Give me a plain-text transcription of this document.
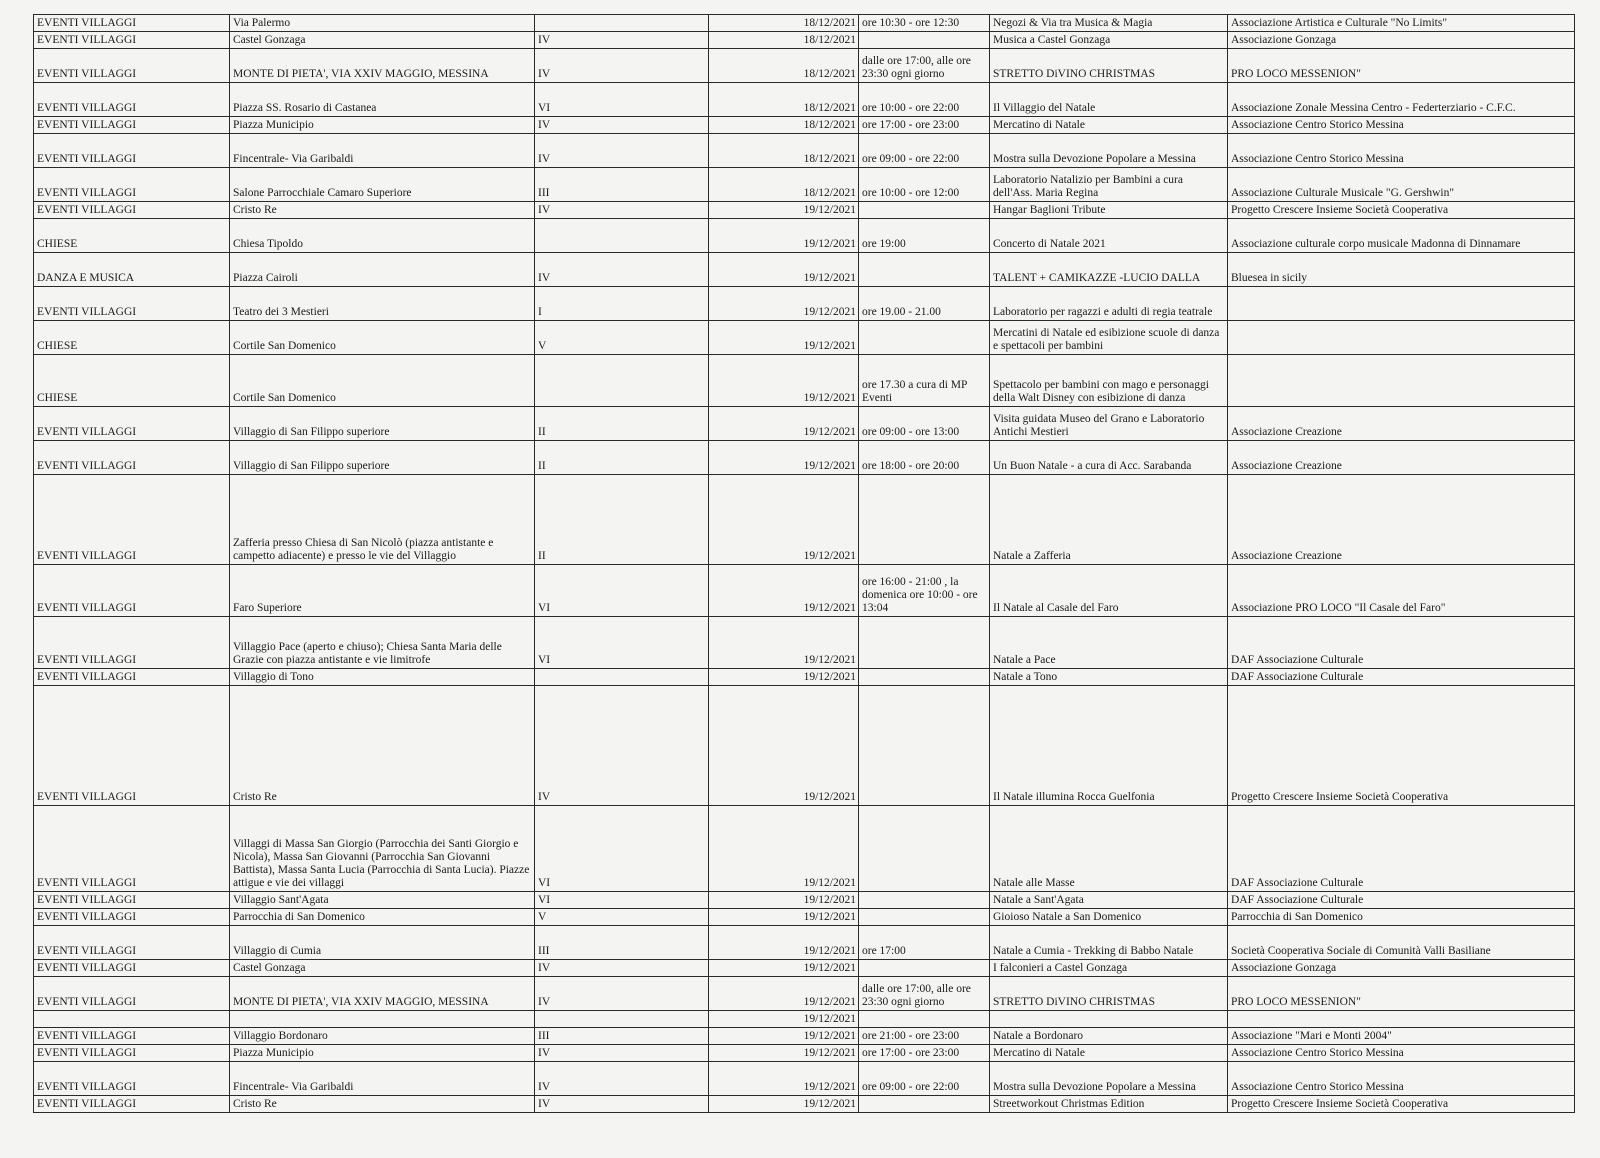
EVENTI VILLAGGI	Via Palermo		18/12/2021	ore 10:30 - ore 12:30	Negozi & Via tra Musica & Magia	Associazione Artistica e Culturale "No Limits"
EVENTI VILLAGGI	Castel Gonzaga	IV	18/12/2021		Musica a Castel Gonzaga	Associazione Gonzaga
EVENTI VILLAGGI	MONTE DI PIETA', VIA XXIV MAGGIO, MESSINA	IV	18/12/2021	dalle ore 17:00, alle ore 23:30 ogni giorno	STRETTO DiVINO CHRISTMAS	PRO LOCO MESSENION"
EVENTI VILLAGGI	Piazza SS. Rosario di Castanea	VI	18/12/2021	ore 10:00 - ore 22:00	Il Villaggio del Natale	Associazione Zonale Messina Centro - Federterziario - C.F.C.
EVENTI VILLAGGI	Piazza Municipio	IV	18/12/2021	ore 17:00 - ore 23:00	Mercatino di Natale	Associazione Centro Storico Messina
EVENTI VILLAGGI	Fincentrale- Via Garibaldi	IV	18/12/2021	ore 09:00 - ore 22:00	Mostra sulla Devozione Popolare a Messina	Associazione Centro Storico Messina
EVENTI VILLAGGI	Salone Parrocchiale Camaro Superiore	III	18/12/2021	ore 10:00 - ore 12:00	Laboratorio Natalizio per Bambini a cura dell'Ass. Maria Regina	Associazione Culturale Musicale "G. Gershwin"
EVENTI VILLAGGI	Cristo Re	IV	19/12/2021		Hangar Baglioni Tribute	Progetto Crescere Insieme Società Cooperativa
CHIESE	Chiesa Tipoldo		19/12/2021	ore 19:00	Concerto di Natale 2021	Associazione culturale corpo musicale Madonna di Dinnamare
DANZA E MUSICA	Piazza Cairoli	IV	19/12/2021		TALENT + CAMIKAZZE -LUCIO DALLA	Bluesea in sicily
EVENTI VILLAGGI	Teatro dei 3 Mestieri	I	19/12/2021	ore 19.00 - 21.00	Laboratorio per ragazzi e adulti di regia teatrale	
CHIESE	Cortile San Domenico	V	19/12/2021		Mercatini di Natale ed esibizione scuole di danza e spettacoli per bambini	
CHIESE	Cortile San Domenico		19/12/2021	ore 17.30 a cura di MP Eventi	Spettacolo per bambini con mago e personaggi della Walt Disney con esibizione di danza	
EVENTI VILLAGGI	Villaggio di San Filippo superiore	II	19/12/2021	ore 09:00 - ore 13:00	Visita guidata Museo del Grano e Laboratorio Antichi Mestieri	Associazione Creazione
EVENTI VILLAGGI	Villaggio di San Filippo superiore	II	19/12/2021	ore 18:00 - ore 20:00	Un Buon Natale - a cura di Acc. Sarabanda	Associazione Creazione
EVENTI VILLAGGI	Zafferia presso Chiesa di San Nicolò (piazza antistante e campetto adiacente) e presso le vie del Villaggio	II	19/12/2021		Natale a Zafferia	Associazione Creazione
EVENTI VILLAGGI	Faro Superiore	VI	19/12/2021	ore 16:00 - 21:00 , la domenica ore 10:00 - ore 13:04	Il Natale al Casale del Faro	Associazione PRO LOCO "Il Casale del Faro"
EVENTI VILLAGGI	Villaggio Pace (aperto e chiuso); Chiesa Santa Maria delle Grazie con piazza antistante e vie limitrofe	VI	19/12/2021		Natale a Pace	DAF Associazione Culturale
EVENTI VILLAGGI	Villaggio di Tono		19/12/2021		Natale a Tono	DAF Associazione Culturale
EVENTI VILLAGGI	Cristo Re	IV	19/12/2021		Il Natale illumina Rocca Guelfonia	Progetto Crescere Insieme Società Cooperativa
EVENTI VILLAGGI	Villaggi di Massa San Giorgio (Parrocchia dei Santi Giorgio e Nicola), Massa San Giovanni (Parrocchia San Giovanni Battista), Massa Santa Lucia (Parrocchia di Santa Lucia). Piazze attigue e vie dei villaggi	VI	19/12/2021		Natale alle Masse	DAF Associazione Culturale
EVENTI VILLAGGI	Villaggio Sant'Agata	VI	19/12/2021		Natale a Sant'Agata	DAF Associazione Culturale
EVENTI VILLAGGI	Parrocchia di San Domenico	V	19/12/2021		Gioioso Natale a San Domenico	Parrocchia di San Domenico
EVENTI VILLAGGI	Villaggio di Cumia	III	19/12/2021	ore 17:00	Natale a Cumia - Trekking di Babbo Natale	Società Cooperativa Sociale di Comunità Valli Basiliane
EVENTI VILLAGGI	Castel Gonzaga	IV	19/12/2021		I falconieri a Castel Gonzaga	Associazione Gonzaga
EVENTI VILLAGGI	MONTE DI PIETA', VIA XXIV MAGGIO, MESSINA	IV	19/12/2021	dalle ore 17:00, alle ore 23:30 ogni giorno	STRETTO DiVINO CHRISTMAS	PRO LOCO MESSENION"
			19/12/2021			
EVENTI VILLAGGI	Villaggio Bordonaro	III	19/12/2021	ore 21:00 - ore 23:00	Natale a Bordonaro	Associazione "Mari e Monti 2004"
EVENTI VILLAGGI	Piazza Municipio	IV	19/12/2021	ore 17:00 - ore 23:00	Mercatino di Natale	Associazione Centro Storico Messina
EVENTI VILLAGGI	Fincentrale- Via Garibaldi	IV	19/12/2021	ore 09:00 - ore 22:00	Mostra sulla Devozione Popolare a Messina	Associazione Centro Storico Messina
EVENTI VILLAGGI	Cristo Re	IV	19/12/2021		Streetworkout Christmas Edition	Progetto Crescere Insieme Società Cooperativa
